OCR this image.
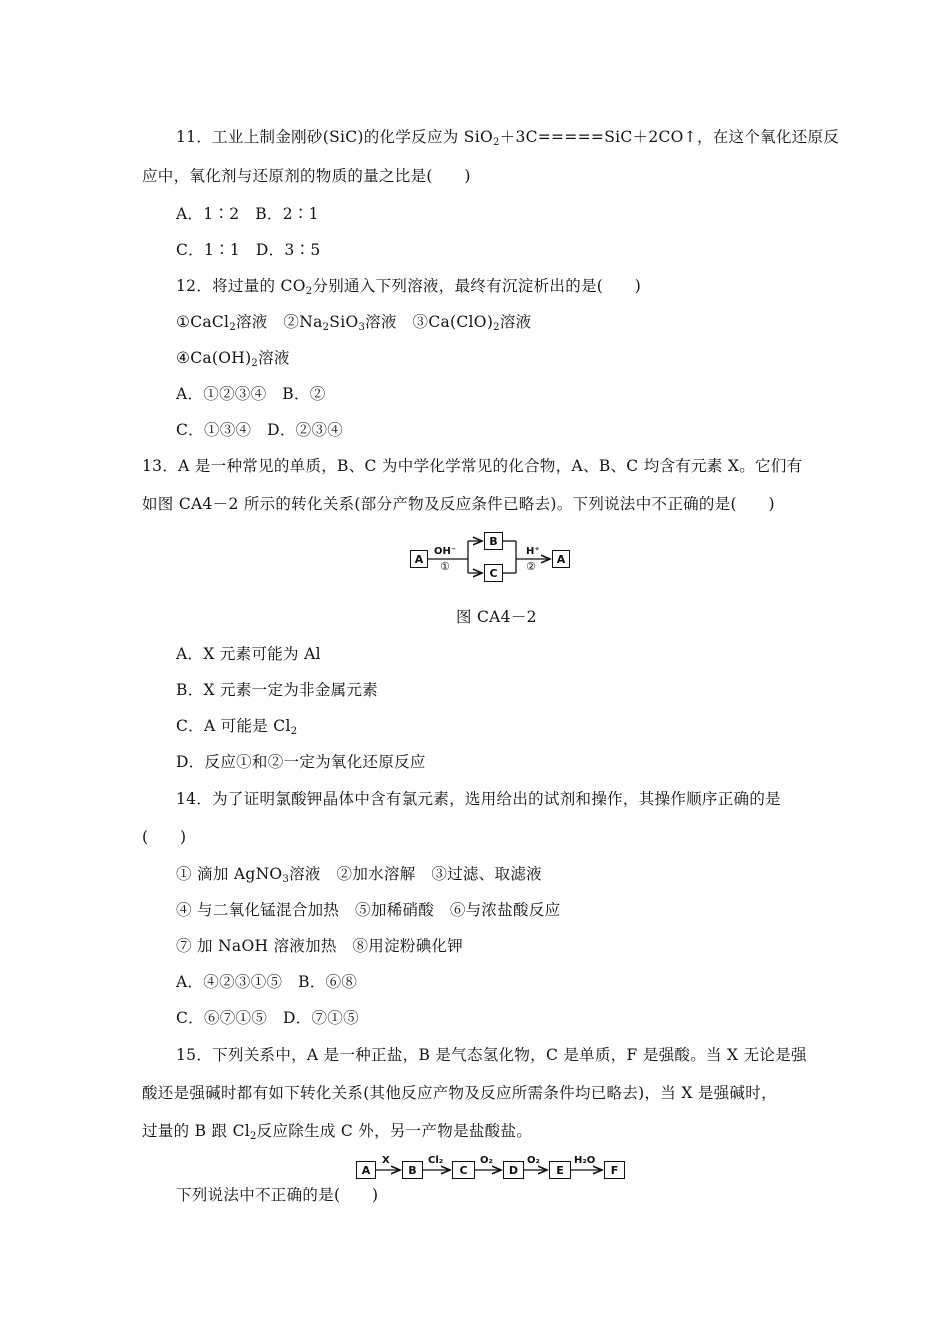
11．工业上制金刚砂(SiC)的化学反应为 SiO2＋3C=====SiC＋2CO↑，在这个氧化还原反
应中，氧化剂与还原剂的物质的量之比是(　　)
A．1∶2　B．2∶1
C．1∶1　D．3∶5
12．将过量的 CO2分别通入下列溶液，最终有沉淀析出的是(　　)
①CaCl2溶液　②Na2SiO3溶液　③Ca(ClO)2溶液
④Ca(OH)2溶液
A．①②③④　B．②
C．①③④　D．②③④
13．A 是一种常见的单质，B、C 为中学化学常见的化合物，A、B、C 均含有元素 X。它们有
如图 CA4－2 所示的转化关系(部分产物及反应条件已略去)。下列说法中不正确的是(　　)
A
B
C
A
OH⁻
①
H⁺
②
图 CA4－2
A．X 元素可能为 Al
B．X 元素一定为非金属元素
C．A 可能是 Cl2
D．反应①和②一定为氧化还原反应
14．为了证明氯酸钾晶体中含有氯元素，选用给出的试剂和操作，其操作顺序正确的是
(　　)
① 滴加 AgNO3溶液　②加水溶解　③过滤、取滤液
④ 与二氧化锰混合加热　⑤加稀硝酸　⑥与浓盐酸反应
⑦ 加 NaOH 溶液加热　⑧用淀粉碘化钾
A．④②③①⑤　B．⑥⑧
C．⑥⑦①⑤　D．⑦①⑤
15．下列关系中，A 是一种正盐，B 是气态氢化物，C 是单质，F 是强酸。当 X 无论是强
酸还是强碱时都有如下转化关系(其他反应产物及反应所需条件均已略去)，当 X 是强碱时，
过量的 B 跟 Cl2反应除生成 C 外，另一产物是盐酸盐。
A	B	C	D	E	F
X	Cl₂	O₂	O₂	H₂O
下列说法中不正确的是(　　)
